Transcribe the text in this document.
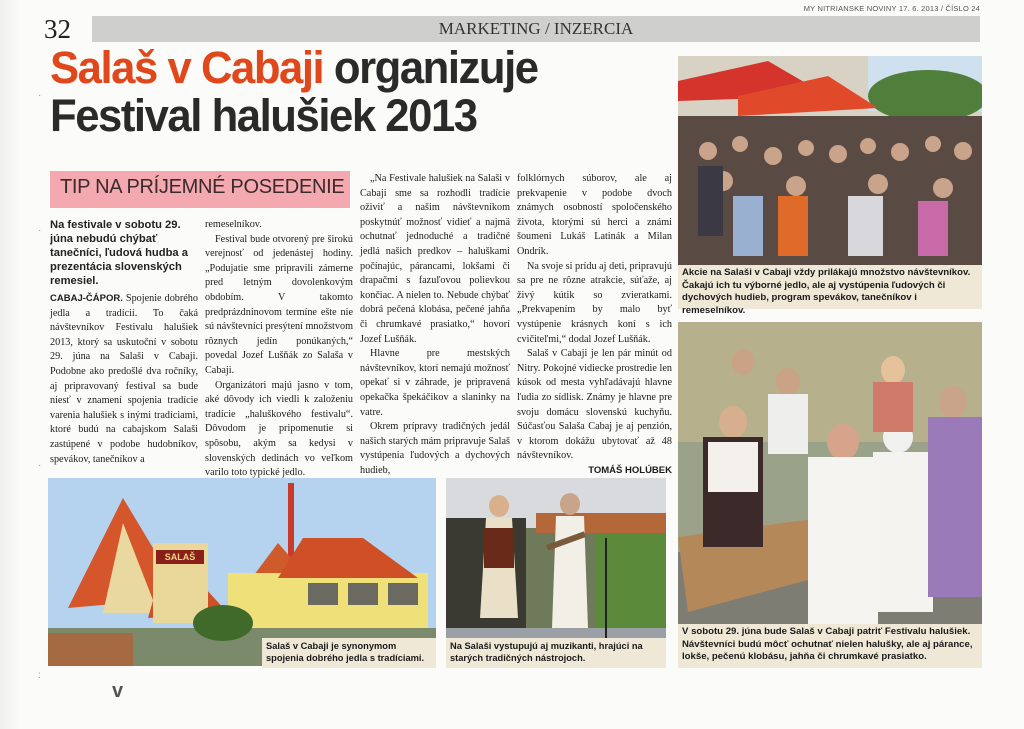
·
·
·
:
32
MY NITRIANSKE NOVINY 17. 6. 2013 / ČÍSLO 24
MARKETING / INZERCIA
Salaš v Cabaji organizuje
Festival halušiek 2013
TIP NA PRÍJEMNÉ POSEDENIE
Na festivale v sobotu 29. júna nebudú chýbať tanečníci, ľudová hudba a prezentácia slovenských remesiel.

CABAJ-ČÁPOR. Spojenie dobrého jedla a tradícií. To čaká návštevníkov Festivalu halušiek 2013, ktorý sa uskutoční v sobotu 29. júna na Salaši v Cabaji. Podobne ako predošlé dva ročníky, aj pripravovaný festival sa bude niesť v znamení spojenia tradície varenia halušiek s inými tradíciami, ktoré budú na cabajskom Salaši zastúpené v podobe hudobníkov, spevákov, tanečníkov a

remeselníkov.

Festival bude otvorený pre širokú verejnosť od jedenástej hodiny. „Podujatie sme pripravili zámerne pred letným dovolenkovým obdobím. V takomto predprázdninovom termíne ešte nie sú návštevníci presýtení množstvom rôznych jedín ponúkaných,“ povedal Jozef Lušňák zo Salaša v Cabaji.

Organizátori majú jasno v tom, aké dôvody ich viedli k založeniu tradície „haluškového festivalu“. Dôvodom je pripomenutie si spôsobu, akým sa kedysi v slovenských dedinách vo veľkom varilo toto typické jedlo.

„Na Festivale halušiek na Salaši v Cabaji sme sa rozhodli tradície oživiť a našim návštevníkom poskytnúť možnosť vidieť a najmä ochutnať jednoduché a tradičné jedlá našich predkov – haluškami počínajúc, párancami, lokšami či drapačmi s fazuľovou polievkou končiac. A nielen to. Nebude chýbať dobrá pečená klobása, pečené jahňa či chrumkavé prasiatko,“ hovorí Jozef Lušňák.

Hlavne pre mestských návštevníkov, ktorí nemajú možnosť opekať si v záhrade, je pripravená opekačka špekáčikov a slaninky na vatre.

Okrem prípravy tradičných jedál našich starých mám pripravuje Salaš vystúpenia ľudových a dychových hudieb,

folklórnych súborov, ale aj prekvapenie v podobe dvoch známych osobností spoločenského života, ktorými sú herci a známi šoumeni Lukáš Latinák a Milan Ondrík.

Na svoje si prídu aj deti, pripravujú sa pre ne rôzne atrakcie, súťaže, aj živý kútik so zvieratkami. „Prekvapením by malo byť vystúpenie krásnych koní s ich cvičiteľmi,“ dodal Jozef Lušňák.

Salaš v Cabaji je len pár minút od Nitry. Pokojné vidiecke prostredie len kúsok od mesta vyhľadávajú hlavne ľudia zo sídlisk. Známy je hlavne pre svoju domácu slovenskú kuchyňu. Súčasťou Salaša Cabaj je aj penzión, v ktorom dokážu ubytovať až 48 návštevníkov.

TOMÁŠ HOLÚBEK

Akcie na Salaši v Cabaji vždy prilákajú množstvo návštevníkov. Čakajú ich tu výborné jedlo, ale aj vystúpenia ľudových či dychových hudieb, program spevákov, tanečníkov i remeselníkov.
V sobotu 29. júna bude Salaš v Cabaji patriť Festivalu halušiek. Návštevníci budú môcť ochutnať nielen halušky, ale aj párance, lokše, pečenú klobásu, jahňa či chrumkavé prasiatko.
SALAŠ
Salaš v Cabaji je synonymom spojenia dobrého jedla s tradíciami.
Na Salaši vystupujú aj muzikanti, hrajúci na starých tradičných nástrojoch.
v
